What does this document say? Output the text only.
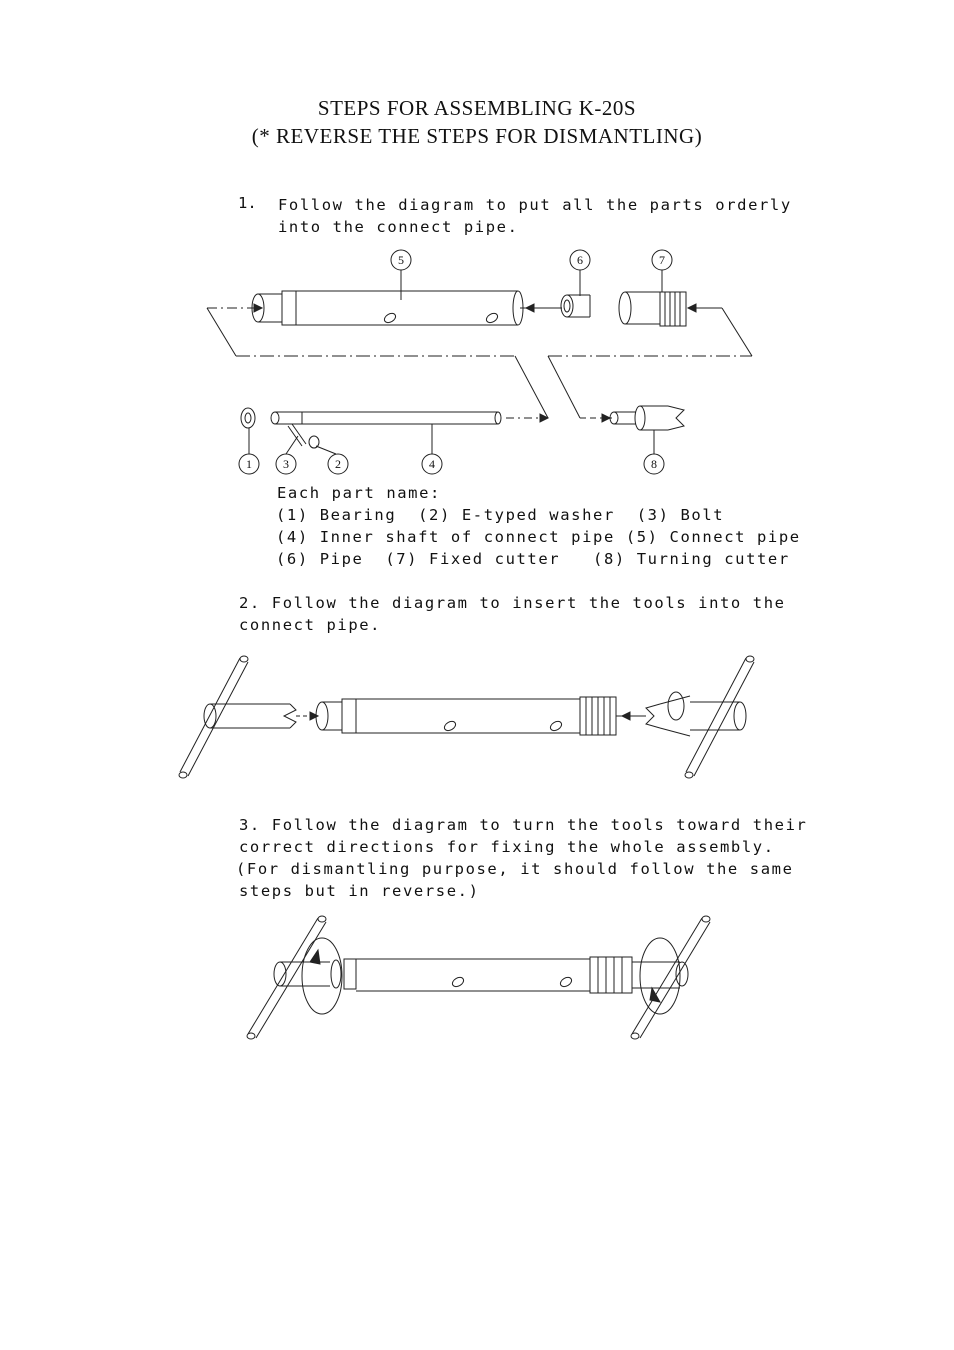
STEPS FOR ASSEMBLING K-20S
(* REVERSE THE STEPS FOR DISMANTLING)
1. Follow the diagram to put all the parts orderly
into the connect pipe.
5	6	7
1	3	2	4	8
Each part name:
(1) Bearing  (2) E-typed washer  (3) Bolt
(4) Inner shaft of connect pipe (5) Connect pipe
(6) Pipe  (7) Fixed cutter   (8) Turning cutter
2. Follow the diagram to insert the tools into the
connect pipe.
3. Follow the diagram to turn the tools toward their
correct directions for fixing the whole assembly.
(For dismantling purpose, it should follow the same
steps but in reverse.)
